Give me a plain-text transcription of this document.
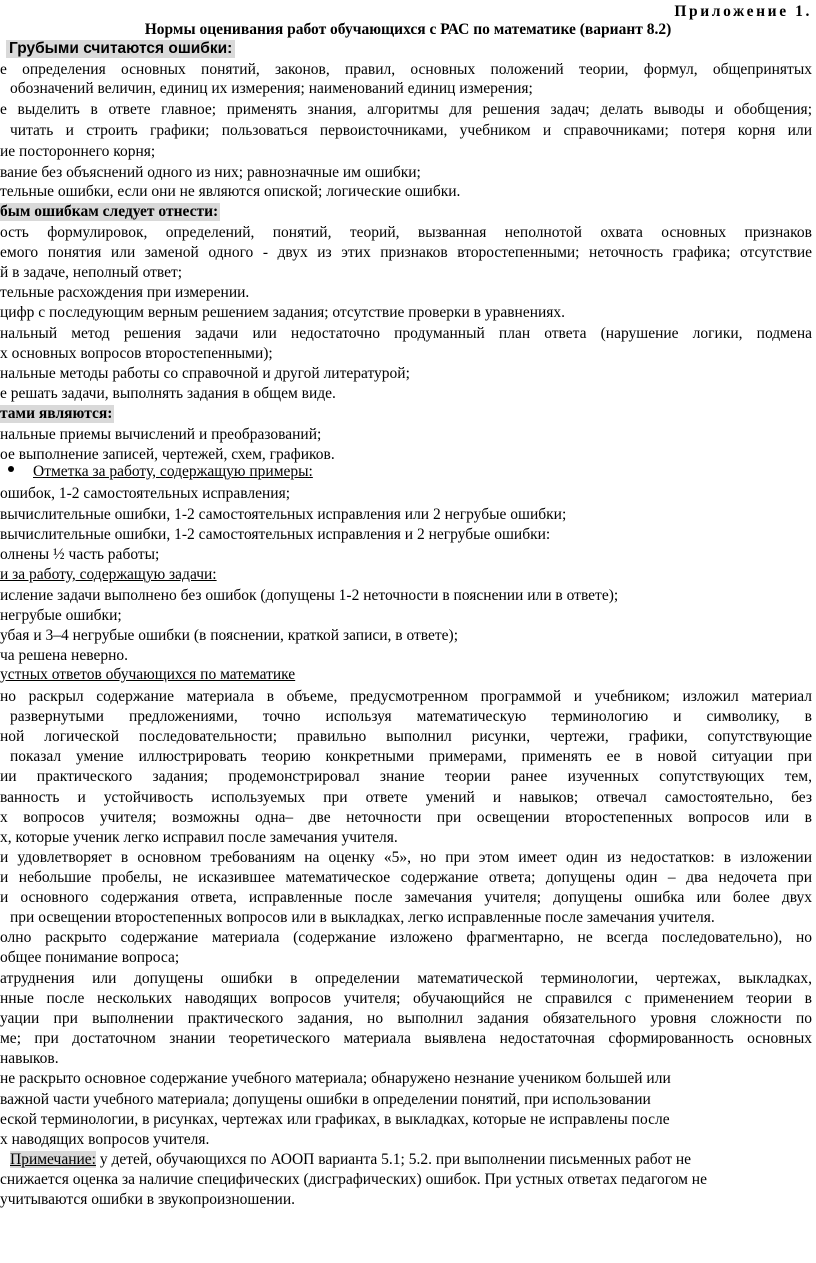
Приложение 1.
Нормы оценивания работ обучающихся с РАС по математике (вариант 8.2)
Грубыми считаются ошибки:
е определения основных понятий, законов, правил, основных положений теории, формул, общепринятых
обозначений величин, единиц их измерения; наименований единиц измерения;
е выделить в ответе главное; применять знания, алгоритмы для решения задач; делать выводы и обобщения;
читать и строить графики; пользоваться первоисточниками, учебником и справочниками; потеря корня или
ие постороннего корня;
вание без объяснений одного из них; равнозначные им ошибки;
тельные ошибки, если они не являются опиской; логические ошибки.
бым ошибкам следует отнести:
ость формулировок, определений, понятий, теорий, вызванная неполнотой охвата основных признаков
емого понятия или заменой одного - двух из этих признаков второстепенными; неточность графика; отсутствие
й в задаче, неполный ответ;
тельные расхождения при измерении.
цифр с последующим верным решением задания; отсутствие проверки в уравнениях.
нальный метод решения задачи или недостаточно продуманный план ответа (нарушение логики, подмена
х основных вопросов второстепенными);
нальные методы работы со справочной и другой литературой;
е решать задачи, выполнять задания в общем виде.
тами являются:
нальные приемы вычислений и преобразований;
ое выполнение записей, чертежей, схем, графиков.
Отметка за работу, содержащую примеры:
ошибок, 1-2 самостоятельных исправления;
вычислительные ошибки, 1-2 самостоятельных исправления или 2 негрубые ошибки;
вычислительные ошибки, 1-2 самостоятельных исправления и 2 негрубые ошибки:
олнены ½ часть работы;
и за работу, содержащую задачи:
исление задачи выполнено без ошибок (допущены 1-2 неточности в пояснении или в ответе);
негрубые ошибки;
убая и 3–4 негрубые ошибки (в пояснении, краткой записи, в ответе);
ча решена неверно.
устных ответов обучающихся по математике
но раскрыл содержание материала в объеме, предусмотренном программой и учебником; изложил материал
развернутыми предложениями, точно используя математическую терминологию и символику, в
ной логической последовательности; правильно выполнил рисунки, чертежи, графики, сопутствующие
показал умение иллюстрировать теорию конкретными примерами, применять ее в новой ситуации при
ии практического задания; продемонстрировал знание теории ранее изученных сопутствующих тем,
ванность и устойчивость используемых при ответе умений и навыков; отвечал самостоятельно, без
х вопросов учителя; возможны одна– две неточности при освещении второстепенных вопросов или в
х, которые ученик легко исправил после замечания учителя.
и удовлетворяет в основном требованиям на оценку «5», но при этом имеет один из недостатков: в изложении
и небольшие пробелы, не исказившее математическое содержание ответа; допущены один – два недочета при
и основного содержания ответа, исправленные после замечания учителя; допущены ошибка или более двух
при освещении второстепенных вопросов или в выкладках, легко исправленные после замечания учителя.
олно раскрыто содержание материала (содержание изложено фрагментарно, не всегда последовательно), но
общее понимание вопроса;
атруднения или допущены ошибки в определении математической терминологии, чертежах, выкладках,
нные после нескольких наводящих вопросов учителя; обучающийся не справился с применением теории в
уации при выполнении практического задания, но выполнил задания обязательного уровня сложности по
ме; при достаточном знании теоретического материала выявлена недостаточная сформированность основных
навыков.
не раскрыто основное содержание учебного материала; обнаружено незнание учеником большей или
важной части учебного материала; допущены ошибки в определении понятий, при использовании
еской терминологии, в рисунках, чертежах или графиках, в выкладках, которые не исправлены после
х наводящих вопросов учителя.
Примечание: у детей, обучающихся по АООП варианта 5.1; 5.2. при выполнении письменных работ не
снижается оценка за наличие специфических (дисграфических) ошибок. При устных ответах педагогом не
учитываются ошибки в звукопроизношении.
